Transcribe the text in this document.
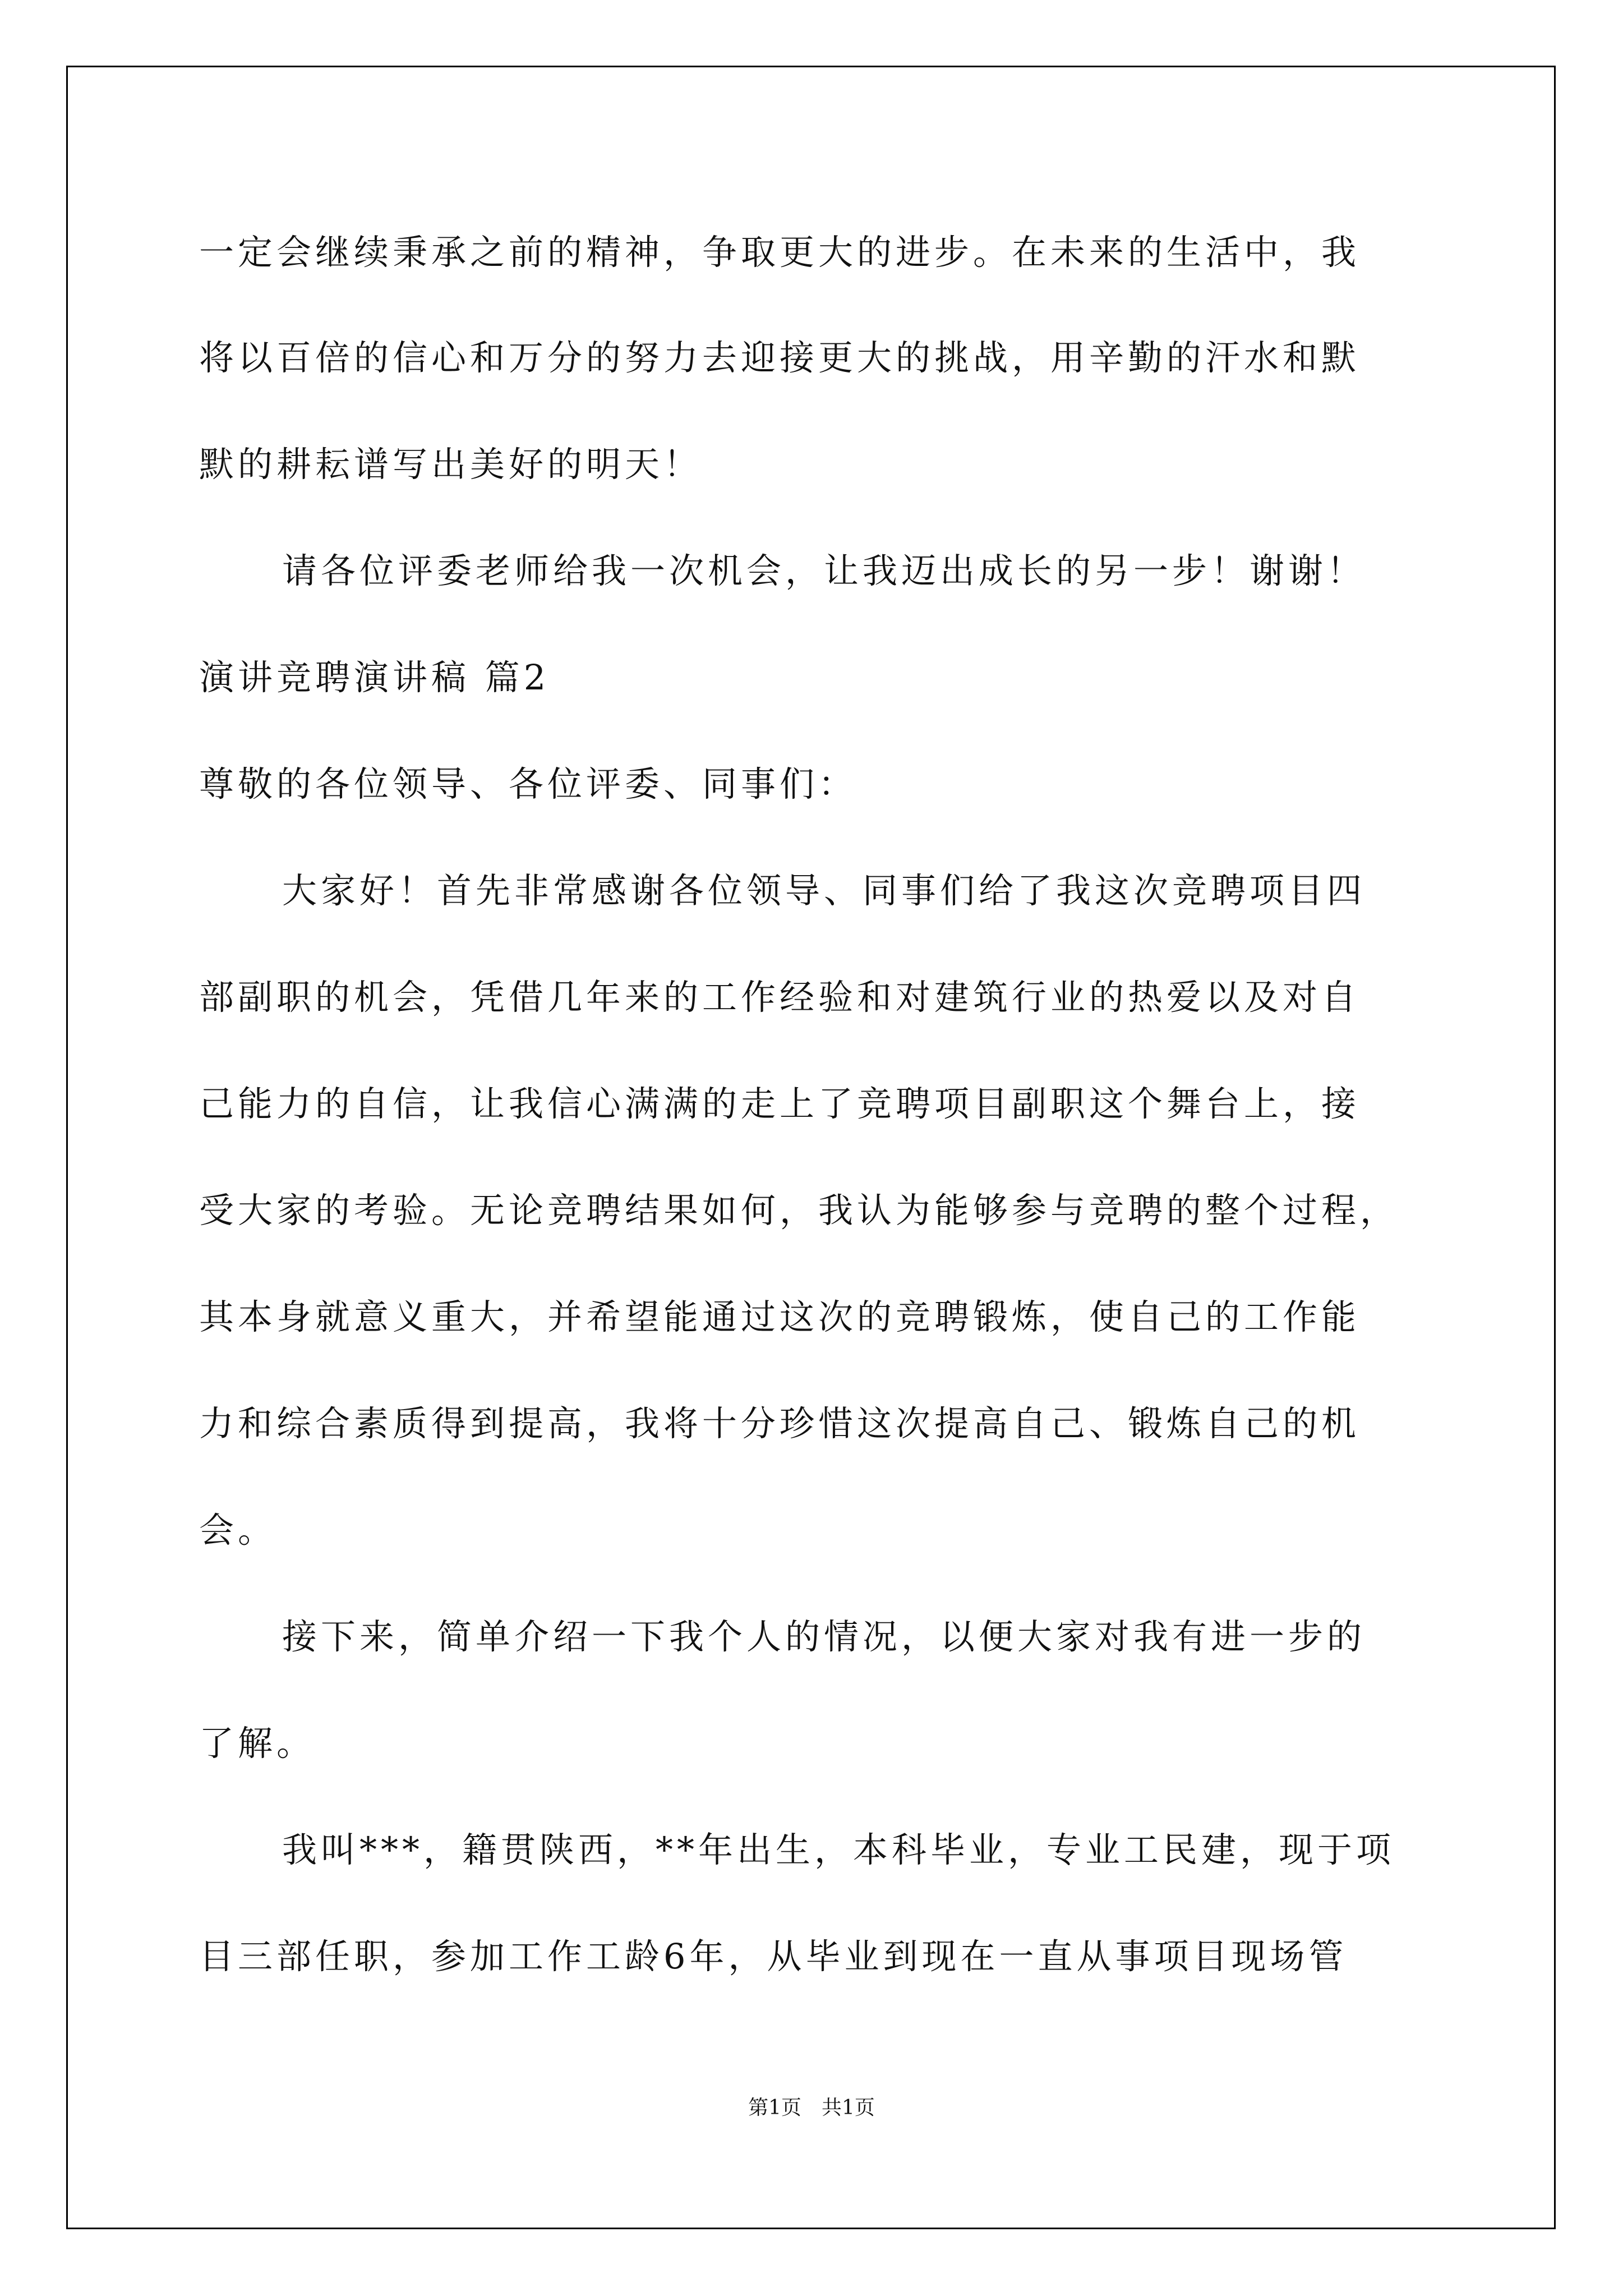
一定会继续秉承之前的精神，争取更大的进步。在未来的生活中，我
将以百倍的信心和万分的努力去迎接更大的挑战，用辛勤的汗水和默
默的耕耘谱写出美好的明天！
请各位评委老师给我一次机会，让我迈出成长的另一步！谢谢！
演讲竞聘演讲稿 篇2
尊敬的各位领导、各位评委、同事们：
大家好！首先非常感谢各位领导、同事们给了我这次竞聘项目四
部副职的机会，凭借几年来的工作经验和对建筑行业的热爱以及对自
己能力的自信，让我信心满满的走上了竞聘项目副职这个舞台上，接
受大家的考验。无论竞聘结果如何，我认为能够参与竞聘的整个过程，
其本身就意义重大，并希望能通过这次的竞聘锻炼，使自己的工作能
力和综合素质得到提高，我将十分珍惜这次提高自己、锻炼自己的机
会。
接下来，简单介绍一下我个人的情况，以便大家对我有进一步的
了解。
我叫***，籍贯陕西，**年出生，本科毕业，专业工民建，现于项
目三部任职，参加工作工龄6年，从毕业到现在一直从事项目现场管
第1页　共1页
